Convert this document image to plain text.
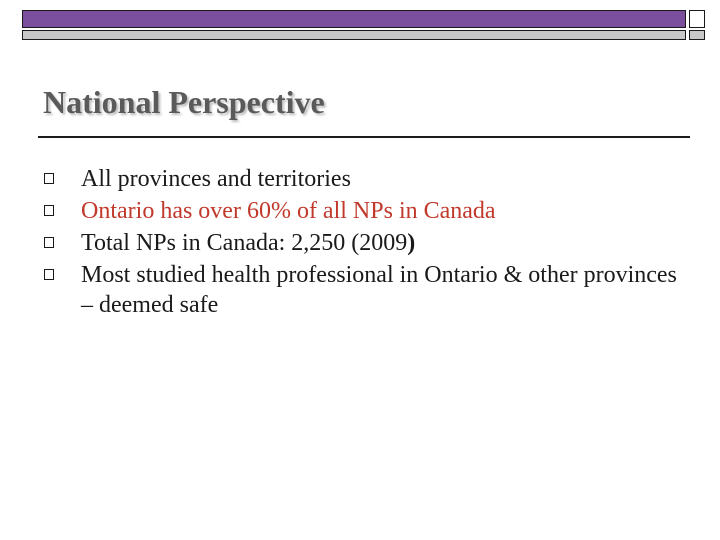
National Perspective
All provinces and territories
Ontario has over 60% of all NPs in Canada
Total NPs in Canada: 2,250 (2009)
Most studied health professional in Ontario & other provinces – deemed safe
